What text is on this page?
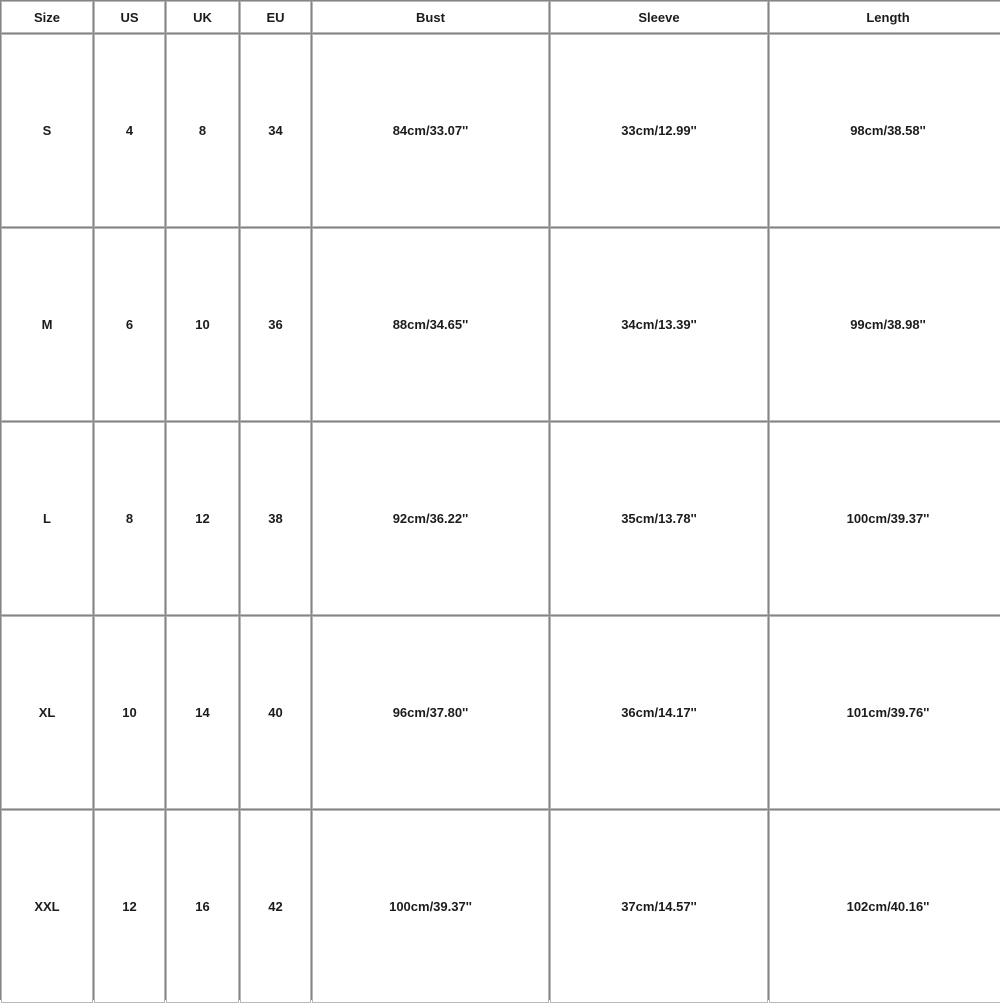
Size	US	UK	EU	Bust	Sleeve	Length
S	4	8	34	84cm/33.07''	33cm/12.99''	98cm/38.58''
M	6	10	36	88cm/34.65''	34cm/13.39''	99cm/38.98''
L	8	12	38	92cm/36.22''	35cm/13.78''	100cm/39.37''
XL	10	14	40	96cm/37.80''	36cm/14.17''	101cm/39.76''
XXL	12	16	42	100cm/39.37''	37cm/14.57''	102cm/40.16''
